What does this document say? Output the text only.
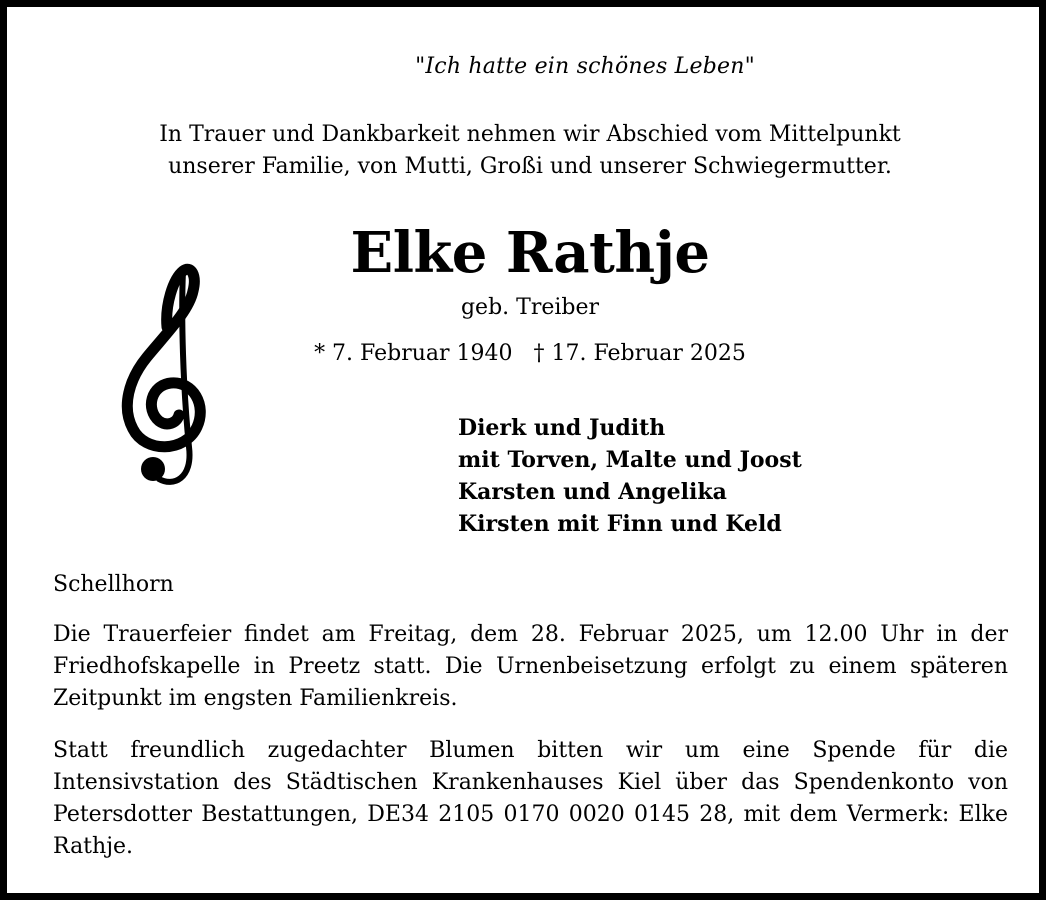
"Ich hatte ein schönes Leben"
In Trauer und Dankbarkeit nehmen wir Abschied vom Mittelpunkt
unserer Familie, von Mutti, Großi und unserer Schwiegermutter.
Elke Rathje
geb. Treiber
* 7. Februar 1940   † 17. Februar 2025
Dierk und Judith
mit Torven, Malte und Joost
Karsten und Angelika
Kirsten mit Finn und Keld
Schellhorn

Die Trauerfeier findet am Freitag, dem 28. Februar 2025, um 12.00 Uhr in der Friedhofskapelle in Preetz statt. Die Urnenbeisetzung erfolgt zu einem späteren Zeitpunkt im engsten Familienkreis.

Statt freundlich zugedachter Blumen bitten wir um eine Spende für die Intensivstation des Städtischen Krankenhauses Kiel über das Spendenkonto von Petersdotter Bestattungen, DE34 2105 0170 0020 0145 28, mit dem Vermerk: Elke Rathje.
